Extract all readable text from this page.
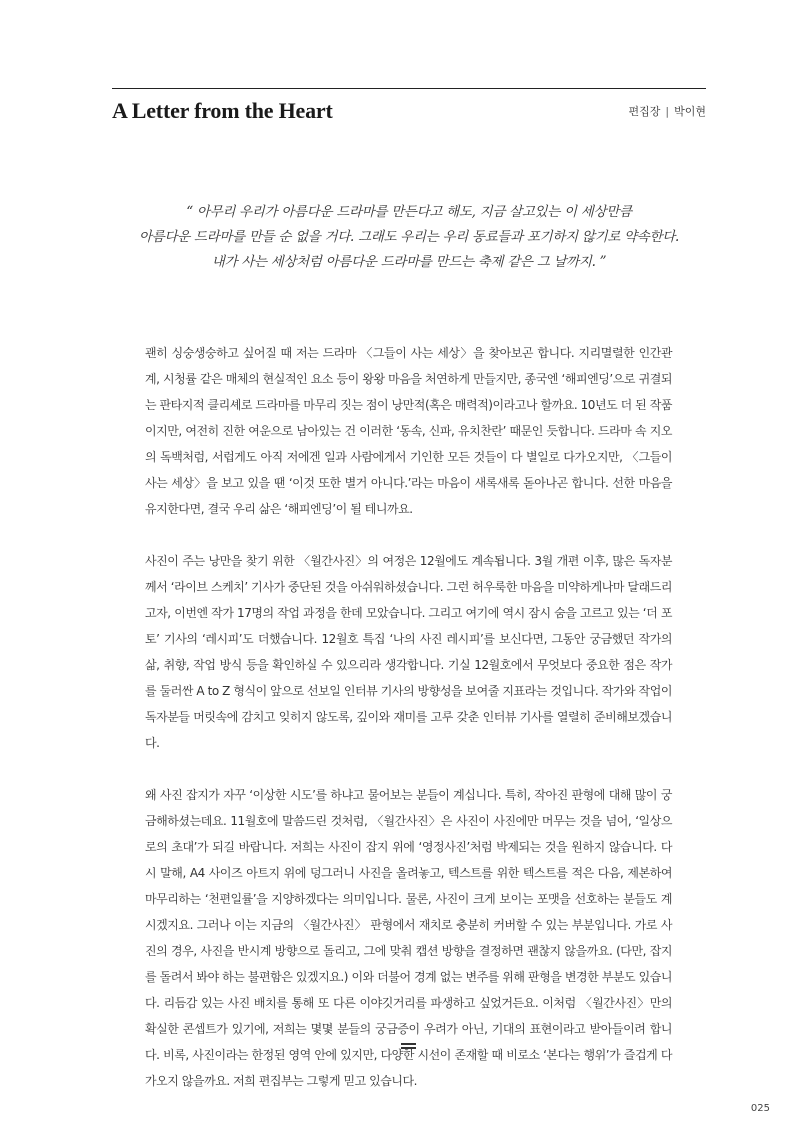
A Letter from the Heart	편집장 | 박이현
“ 아무리 우리가 아름다운 드라마를 만든다고 해도, 지금 살고있는 이 세상만큼
아름다운 드라마를 만들 순 없을 거다. 그래도 우리는 우리 동료들과 포기하지 않기로 약속한다.
내가 사는 세상처럼 아름다운 드라마를 만드는 축제 같은 그 날까지. ”

괜히 싱숭생숭하고 싶어질 때 저는 드라마 〈그들이 사는 세상〉을 찾아보곤 합니다. 지리멸렬한 인간관계, 시청률 같은 매체의 현실적인 요소 등이 왕왕 마음을 처연하게 만들지만, 종국엔 ‘해피엔딩’으로 귀결되는 판타지적 클리셰로 드라마를 마무리 짓는 점이 낭만적(혹은 매력적)이라고나 할까요. 10년도 더 된 작품이지만, 여전히 진한 여운으로 남아있는 건 이러한 ‘동속, 신파, 유치찬란’ 때문인 듯합니다. 드라마 속 지오의 독백처럼, 서럽게도 아직 저에겐 일과 사람에게서 기인한 모든 것들이 다 별일로 다가오지만, 〈그들이 사는 세상〉을 보고 있을 땐 ‘이것 또한 별거 아니다.’라는 마음이 새록새록 돋아나곤 합니다. 선한 마음을 유지한다면, 결국 우리 삶은 ‘해피엔딩’이 될 테니까요.

사진이 주는 낭만을 찾기 위한 〈월간사진〉의 여정은 12월에도 계속됩니다. 3월 개편 이후, 많은 독자분께서 ‘라이브 스케치’ 기사가 중단된 것을 아쉬워하셨습니다. 그런 허우룩한 마음을 미약하게나마 달래드리고자, 이번엔 작가 17명의 작업 과정을 한데 모았습니다. 그리고 여기에 역시 잠시 숨을 고르고 있는 ‘더 포토’ 기사의 ‘레시피’도 더했습니다. 12월호 특집 ‘나의 사진 레시피’를 보신다면, 그동안 궁금했던 작가의 삶, 취향, 작업 방식 등을 확인하실 수 있으리라 생각합니다. 기실 12월호에서 무엇보다 중요한 점은 작가를 둘러싼 A to Z 형식이 앞으로 선보일 인터뷰 기사의 방향성을 보여줄 지표라는 것입니다. 작가와 작업이 독자분들 머릿속에 감치고 잊히지 않도록, 깊이와 재미를 고루 갖춘 인터뷰 기사를 열렬히 준비해보겠습니다.

왜 사진 잡지가 자꾸 ‘이상한 시도’를 하냐고 물어보는 분들이 계십니다. 특히, 작아진 판형에 대해 많이 궁금해하셨는데요. 11월호에 말씀드린 것처럼, 〈월간사진〉은 사진이 사진에만 머무는 것을 넘어, ‘일상으로의 초대’가 되길 바랍니다. 저희는 사진이 잡지 위에 ‘영정사진’처럼 박제되는 것을 원하지 않습니다. 다시 말해, A4 사이즈 아트지 위에 덩그러니 사진을 올려놓고, 텍스트를 위한 텍스트를 적은 다음, 제본하여 마무리하는 ‘천편일률’을 지양하겠다는 의미입니다. 물론, 사진이 크게 보이는 포맷을 선호하는 분들도 계시겠지요. 그러나 이는 지금의 〈월간사진〉 판형에서 재치로 충분히 커버할 수 있는 부분입니다. 가로 사진의 경우, 사진을 반시계 방향으로 돌리고, 그에 맞춰 캡션 방향을 결정하면 괜찮지 않을까요. (다만, 잡지를 돌려서 봐야 하는 불편함은 있겠지요.) 이와 더불어 경계 없는 변주를 위해 판형을 변경한 부분도 있습니다. 리듬감 있는 사진 배치를 통해 또 다른 이야깃거리를 파생하고 싶었거든요. 이처럼 〈월간사진〉만의 확실한 콘셉트가 있기에, 저희는 몇몇 분들의 궁금증이 우려가 아닌, 기대의 표현이라고 받아들이려 합니다. 비록, 사진이라는 한정된 영역 안에 있지만, 다양한 시선이 존재할 때 비로소 ‘본다는 행위’가 즐겁게 다가오지 않을까요. 저희 편집부는 그렇게 믿고 있습니다.

025
